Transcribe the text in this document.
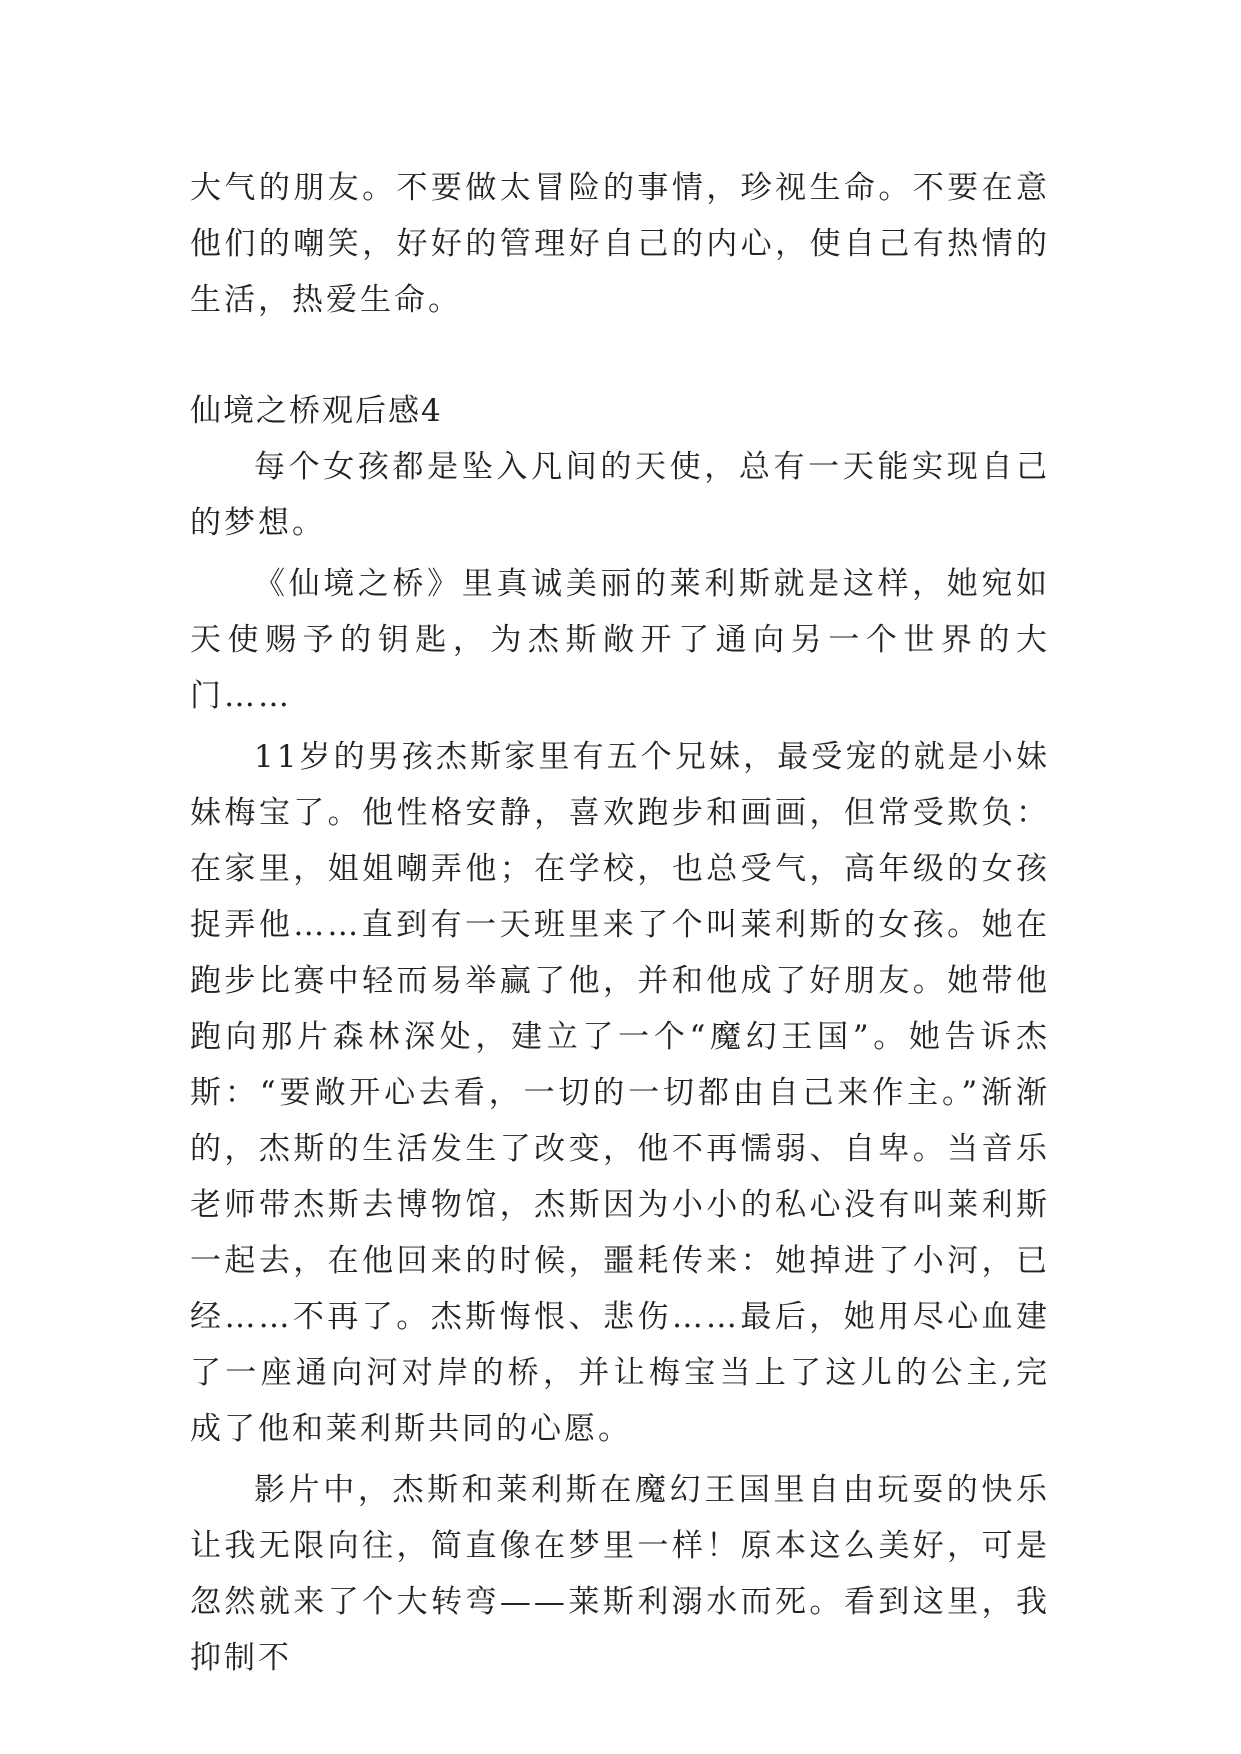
大气的朋友。不要做太冒险的事情，珍视生命。不要在意他们的嘲笑，好好的管理好自己的内心，使自己有热情的生活，热爱生命。

仙境之桥观后感4

每个女孩都是坠入凡间的天使，总有一天能实现自己的梦想。

《仙境之桥》里真诚美丽的莱利斯就是这样，她宛如天使赐予的钥匙，为杰斯敞开了通向另一个世界的大门……

11岁的男孩杰斯家里有五个兄妹，最受宠的就是小妹妹梅宝了。他性格安静，喜欢跑步和画画，但常受欺负：在家里，姐姐嘲弄他；在学校，也总受气，高年级的女孩捉弄他……直到有一天班里来了个叫莱利斯的女孩。她在跑步比赛中轻而易举赢了他，并和他成了好朋友。她带他跑向那片森林深处，建立了一个“魔幻王国”。她告诉杰斯：“要敞开心去看，一切的一切都由自己来作主。”渐渐的，杰斯的生活发生了改变，他不再懦弱、自卑。当音乐老师带杰斯去博物馆，杰斯因为小小的私心没有叫莱利斯一起去，在他回来的时候，噩耗传来：她掉进了小河，已经……不再了。杰斯悔恨、悲伤……最后，她用尽心血建了一座通向河对岸的桥，并让梅宝当上了这儿的公主,完成了他和莱利斯共同的心愿。

影片中，杰斯和莱利斯在魔幻王国里自由玩耍的快乐让我无限向往，简直像在梦里一样！原本这么美好，可是忽然就来了个大转弯——莱斯利溺水而死。看到这里，我抑制不
